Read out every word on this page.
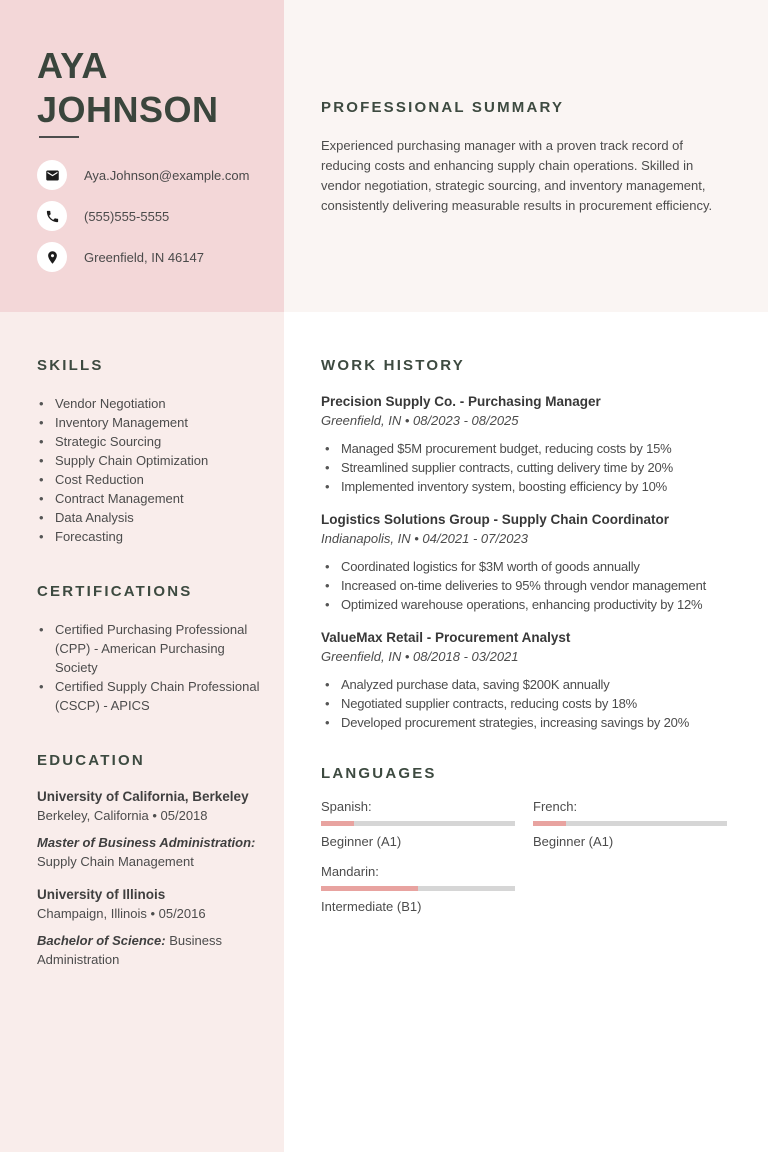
AYA
JOHNSON
Aya.Johnson@example.com
(555)555-5555
Greenfield, IN 46147
PROFESSIONAL SUMMARY

Experienced purchasing manager with a proven track record of reducing costs and enhancing supply chain operations. Skilled in vendor negotiation, strategic sourcing, and inventory management, consistently delivering measurable results in procurement efficiency.

SKILLS
• Vendor Negotiation
• Inventory Management
• Strategic Sourcing
• Supply Chain Optimization
• Cost Reduction
• Contract Management
• Data Analysis
• Forecasting
CERTIFICATIONS
• Certified Purchasing Professional (CPP) - American Purchasing Society
• Certified Supply Chain Professional (CSCP) - APICS
EDUCATION
University of California, Berkeley
Berkeley, California • 05/2018
Master of Business Administration: Supply Chain Management
University of Illinois
Champaign, Illinois • 05/2016
Bachelor of Science: Business Administration
WORK HISTORY
Precision Supply Co. - Purchasing Manager
Greenfield, IN • 08/2023 - 08/2025
• Managed $5M procurement budget, reducing costs by 15%
• Streamlined supplier contracts, cutting delivery time by 20%
• Implemented inventory system, boosting efficiency by 10%
Logistics Solutions Group - Supply Chain Coordinator
Indianapolis, IN • 04/2021 - 07/2023
• Coordinated logistics for $3M worth of goods annually
• Increased on-time deliveries to 95% through vendor management
• Optimized warehouse operations, enhancing productivity by 12%
ValueMax Retail - Procurement Analyst
Greenfield, IN • 08/2018 - 03/2021
• Analyzed purchase data, saving $200K annually
• Negotiated supplier contracts, reducing costs by 18%
• Developed procurement strategies, increasing savings by 20%
LANGUAGES
Spanish:
Beginner (A1)
French:
Beginner (A1)
Mandarin:
Intermediate (B1)
